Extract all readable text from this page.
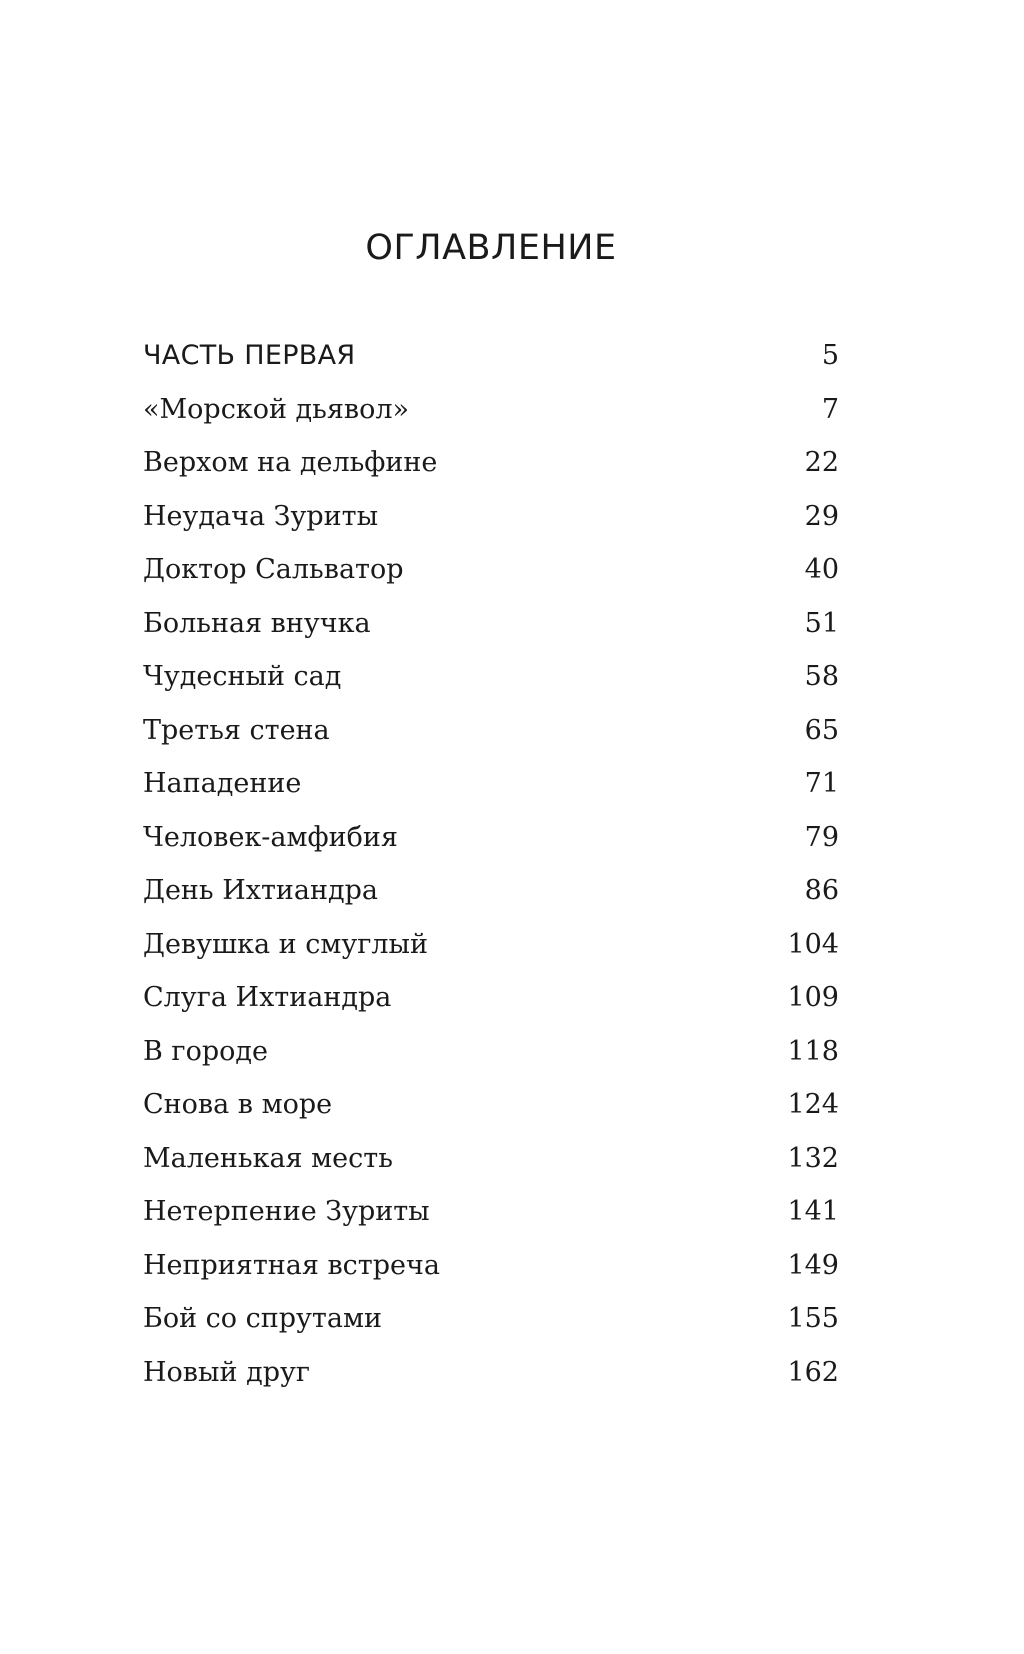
ОГЛАВЛЕНИЕ
ЧАСТЬ ПЕРВАЯ	5
«Морской дьявол»	7
Верхом на дельфине	22
Неудача Зуриты	29
Доктор Сальватор	40
Больная внучка	51
Чудесный сад	58
Третья стена	65
Нападение	71
Человек-амфибия	79
День Ихтиандра	86
Девушка и смуглый	104
Слуга Ихтиандра	109
В городе	118
Снова в море	124
Маленькая месть	132
Нетерпение Зуриты	141
Неприятная встреча	149
Бой со спрутами	155
Новый друг	162
